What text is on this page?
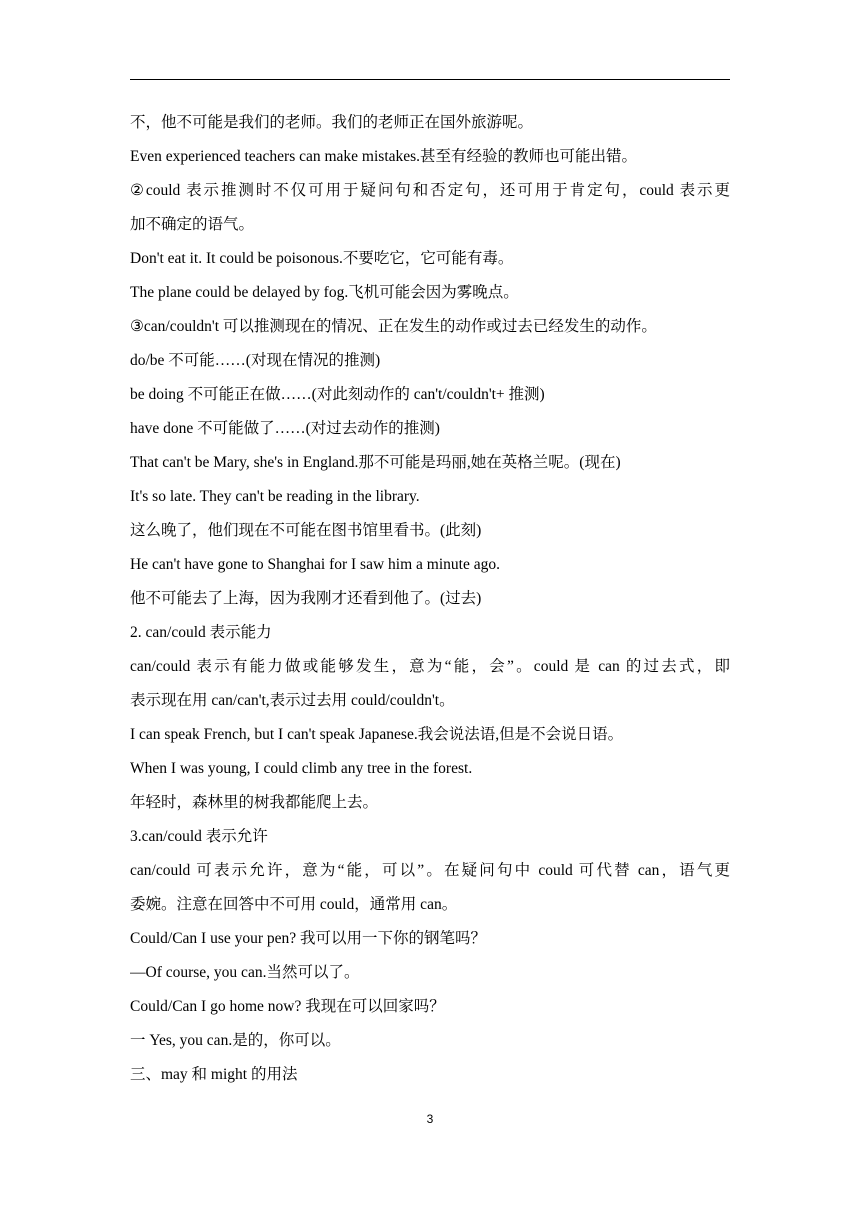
不，他不可能是我们的老师。我们的老师正在国外旅游呢。
Even experienced teachers can make mistakes.甚至有经验的教师也可能出错。
②could 表示推测时不仅可用于疑问句和否定句，还可用于肯定句，could 表示更
加不确定的语气。
Don't eat it. It could be poisonous.不要吃它，它可能有毒。
The plane could be delayed by fog.飞机可能会因为雾晚点。
③can/couldn't 可以推测现在的情况、正在发生的动作或过去已经发生的动作。
do/be 不可能……(对现在情况的推测)
be doing 不可能正在做……(对此刻动作的 can't/couldn't+ 推测)
have done 不可能做了……(对过去动作的推测)
That can't be Mary, she's in England.那不可能是玛丽,她在英格兰呢。(现在)
It's so late. They can't be reading in the library.
这么晚了，他们现在不可能在图书馆里看书。(此刻)
He can't have gone to Shanghai for I saw him a minute ago.
他不可能去了上海，因为我刚才还看到他了。(过去)
2. can/could 表示能力
can/could 表示有能力做或能够发生，意为“能，会”。could 是 can 的过去式，即
表示现在用 can/can't,表示过去用 could/couldn't。
I can speak French, but I can't speak Japanese.我会说法语,但是不会说日语。
When I was young, I could climb any tree in the forest.
年轻时，森林里的树我都能爬上去。
3.can/could 表示允许
can/could 可表示允许，意为“能，可以”。在疑问句中 could 可代替 can，语气更
委婉。注意在回答中不可用 could，通常用 can。
Could/Can I use your pen? 我可以用一下你的钢笔吗？
—Of course, you can.当然可以了。
Could/Can I go home now? 我现在可以回家吗？
一 Yes, you can.是的，你可以。
三、may 和 might 的用法
3
